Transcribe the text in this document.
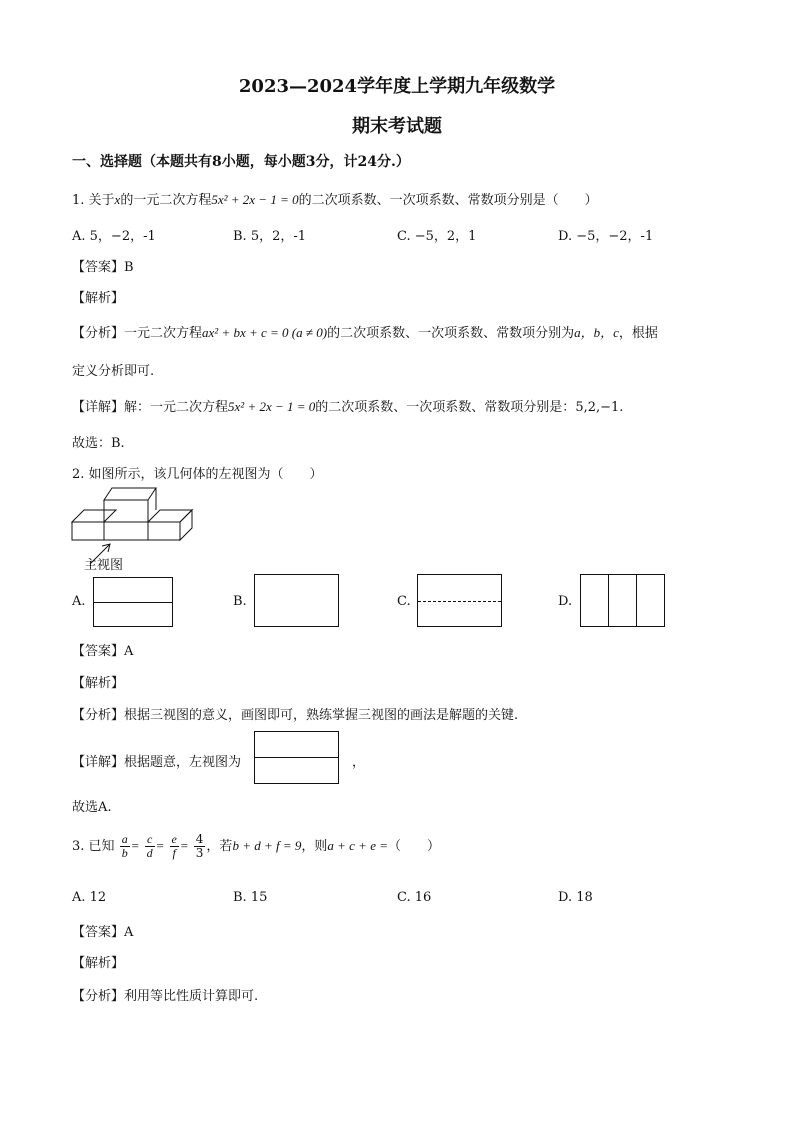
2023—2024学年度上学期九年级数学
期末考试题
一、选择题（本题共有8小题，每小题3分，计24分.）
1. 关于x的一元二次方程5x² + 2x − 1 = 0的二次项系数、一次项系数、常数项分别是（　　）
A. 5，−2，-1	B. 5，2，-1	C. −5，2，1	D. −5，−2，-1
【答案】B
【解析】
【分析】一元二次方程ax² + bx + c = 0 (a ≠ 0)的二次项系数、一次项系数、常数项分别为a，b，c，根据
定义分析即可.
【详解】解：一元二次方程5x² + 2x − 1 = 0的二次项系数、一次项系数、常数项分别是：5,2,−1.
故选：B.
2. 如图所示，该几何体的左视图为（　　）
主视图
A.	B.	C.	D.
【答案】A
【解析】
【分析】根据三视图的意义，画图即可，熟练掌握三视图的画法是解题的关键.
【详解】根据题意，左视图为	，
故选A.
3. 已知 $\frac{a}{b} = \frac{c}{d} = \frac{e}{f} = \frac{4}{3}$ ，若b + d + f = 9，则a + c + e =（　　）
A. 12	B. 15	C. 16	D. 18
【答案】A
【解析】
【分析】利用等比性质计算即可.
